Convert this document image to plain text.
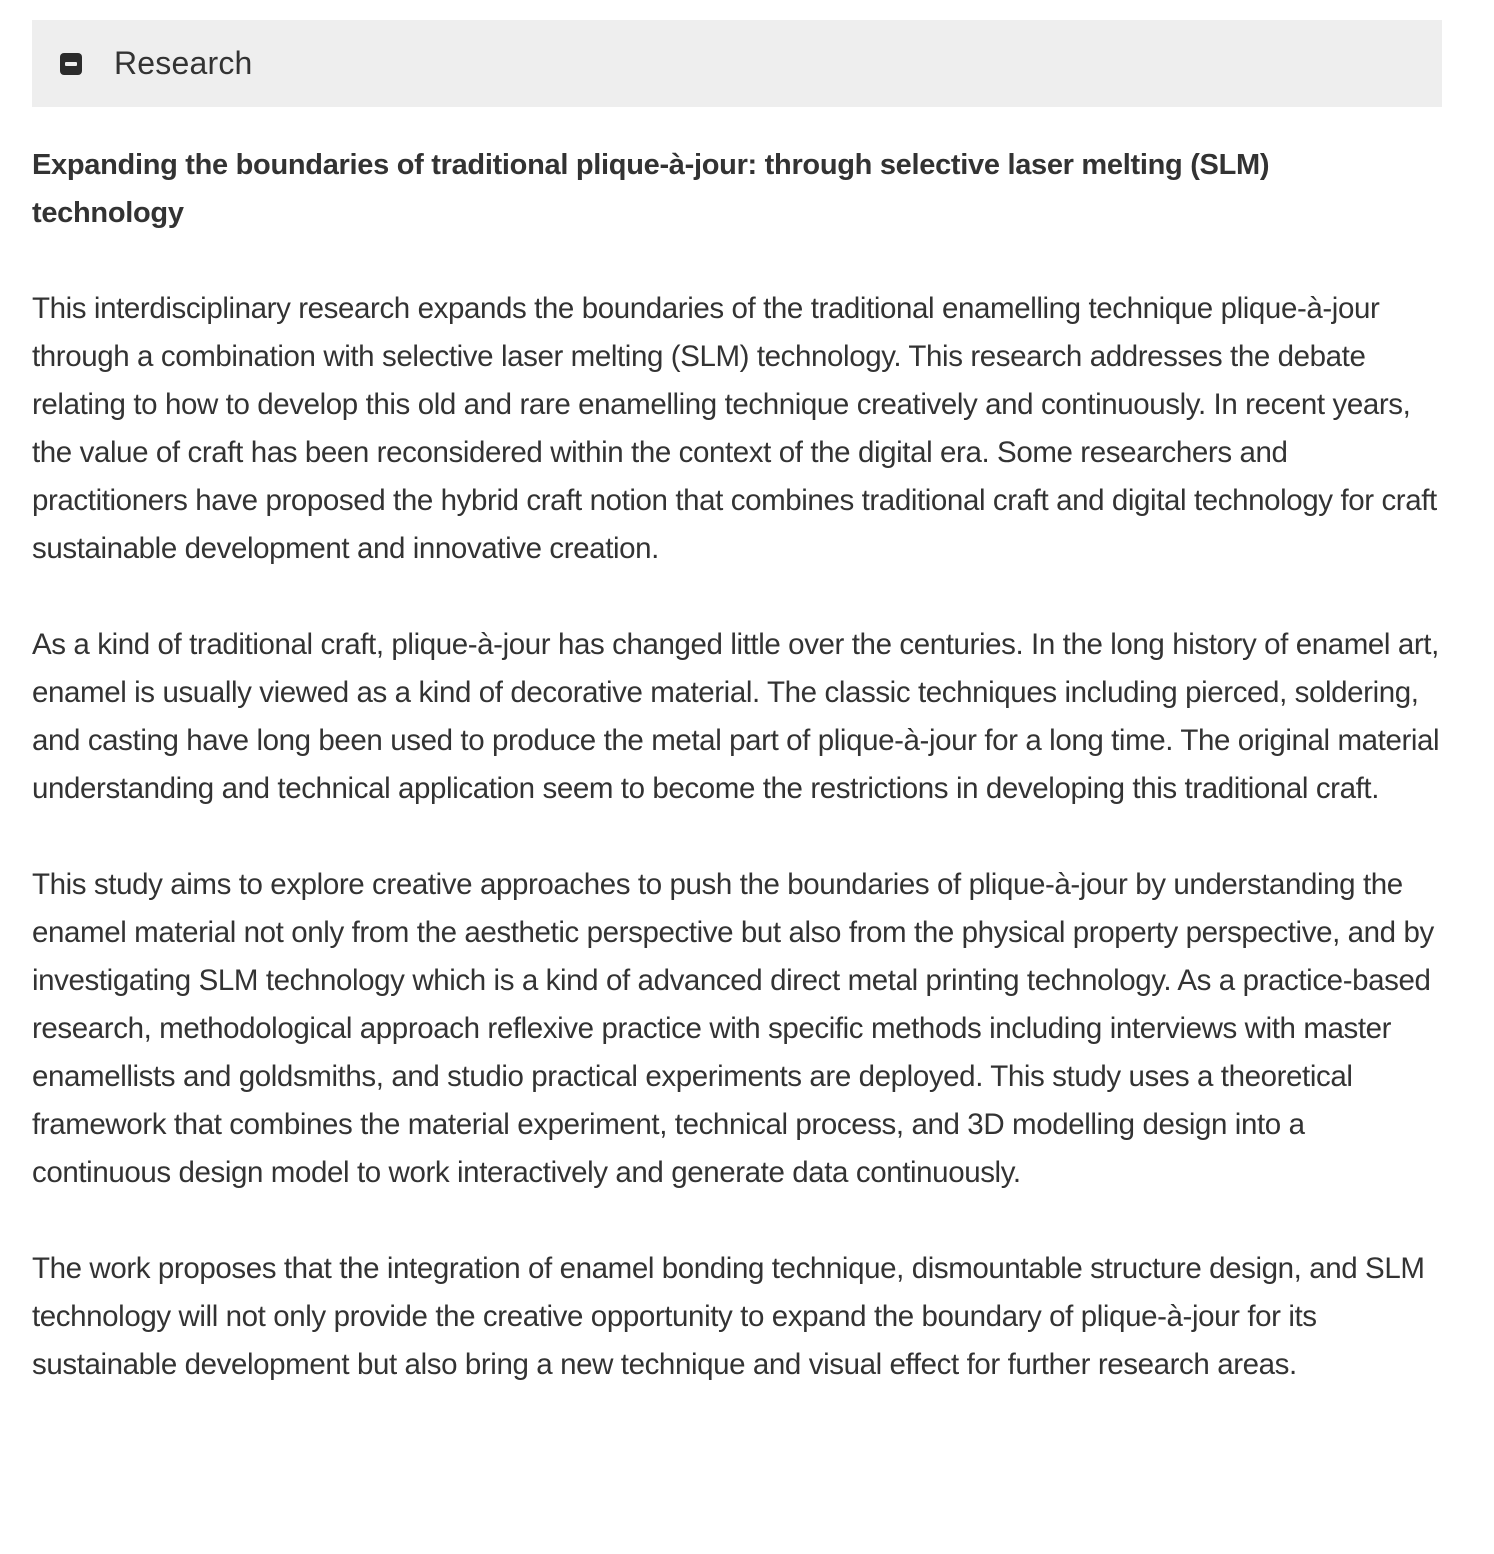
Research
Expanding the boundaries of traditional plique-à-jour: through selective laser melting (SLM) technology

This interdisciplinary research expands the boundaries of the traditional enamelling technique plique-à-jour through a combination with selective laser melting (SLM) technology. This research addresses the debate relating to how to develop this old and rare enamelling technique creatively and continuously. In recent years, the value of craft has been reconsidered within the context of the digital era. Some researchers and practitioners have proposed the hybrid craft notion that combines traditional craft and digital technology for craft sustainable development and innovative creation.

As a kind of traditional craft, plique-à-jour has changed little over the centuries. In the long history of enamel art, enamel is usually viewed as a kind of decorative material. The classic techniques including pierced, soldering, and casting have long been used to produce the metal part of plique-à-jour for a long time. The original material understanding and technical application seem to become the restrictions in developing this traditional craft.

This study aims to explore creative approaches to push the boundaries of plique-à-jour by understanding the enamel material not only from the aesthetic perspective but also from the physical property perspective, and by investigating SLM technology which is a kind of advanced direct metal printing technology. As a practice-based research, methodological approach reflexive practice with specific methods including interviews with master enamellists and goldsmiths, and studio practical experiments are deployed. This study uses a theoretical framework that combines the material experiment, technical process, and 3D modelling design into a continuous design model to work interactively and generate data continuously.

The work proposes that the integration of enamel bonding technique, dismountable structure design, and SLM technology will not only provide the creative opportunity to expand the boundary of plique-à-jour for its sustainable development but also bring a new technique and visual effect for further research areas.
